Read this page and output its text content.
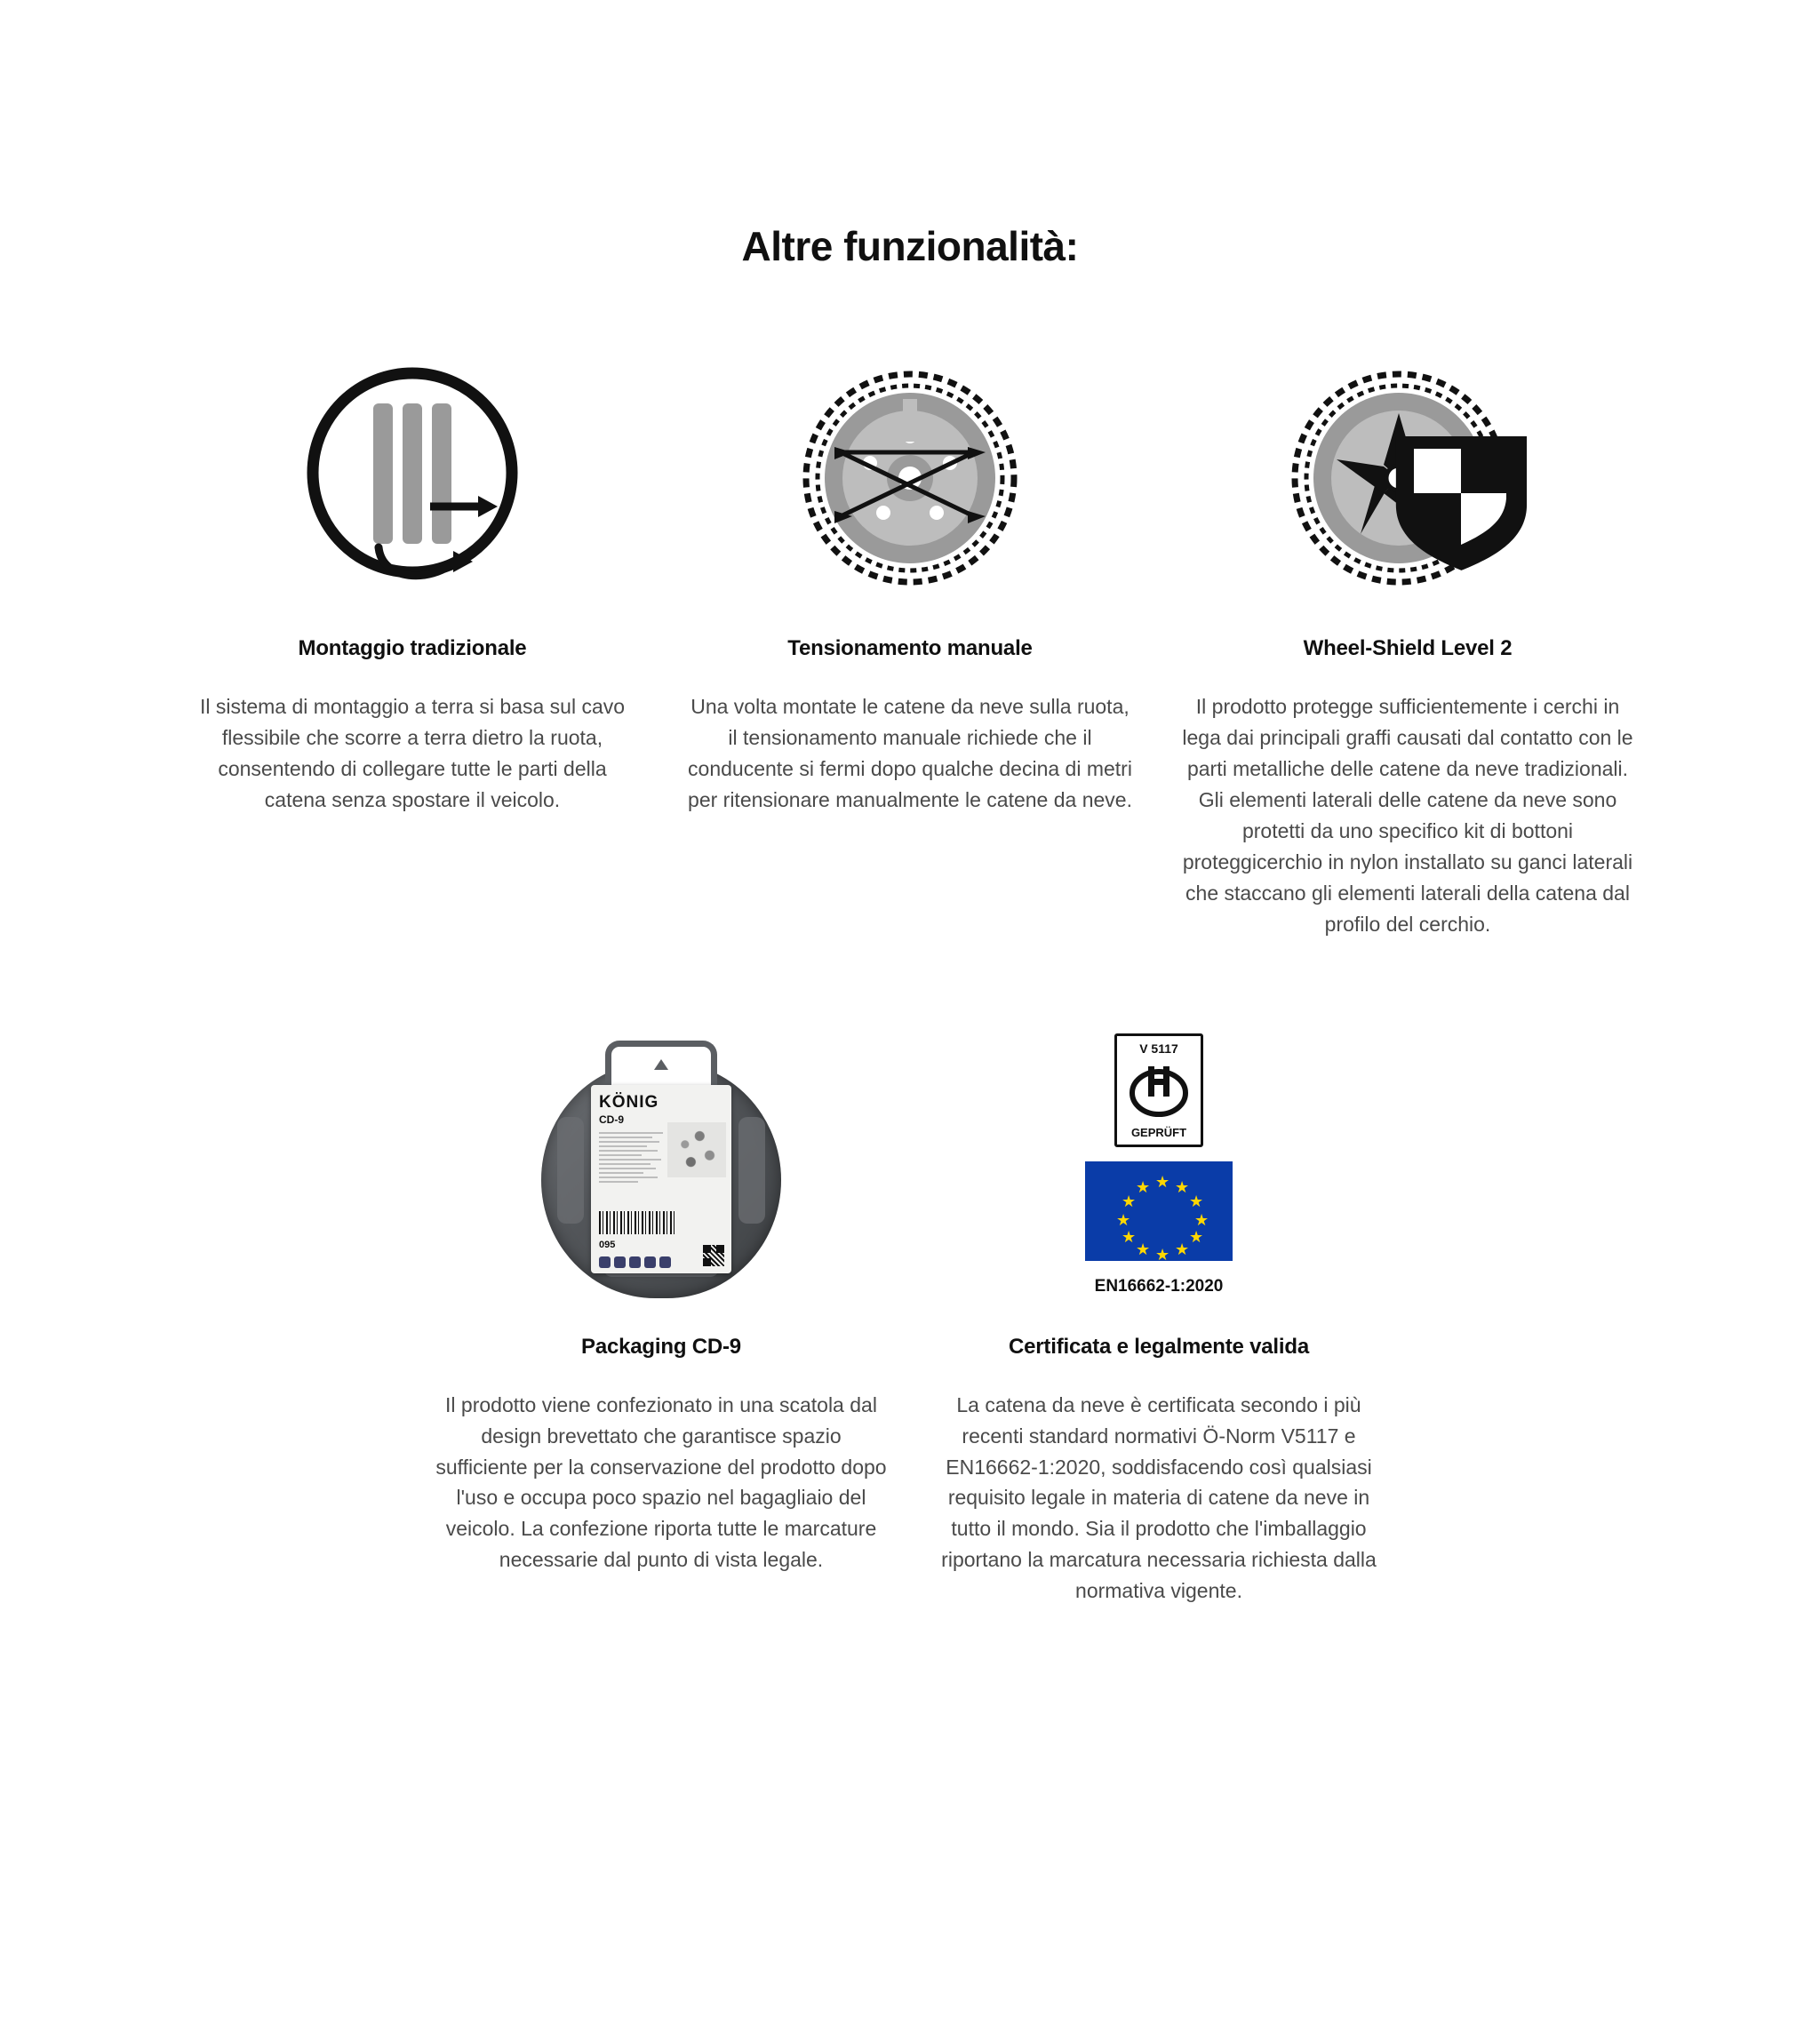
Altre funzionalità:
Montaggio tradizionale
Il sistema di montaggio a terra si basa sul cavo flessibile che scorre a terra dietro la ruota, consentendo di collegare tutte le parti della catena senza spostare il veicolo.
Tensionamento manuale
Una volta montate le catene da neve sulla ruota, il tensionamento manuale richiede che il conducente si fermi dopo qualche decina di metri per ritensionare manualmente le catene da neve.
Wheel-Shield Level 2
Il prodotto protegge sufficientemente i cerchi in lega dai principali graffi causati dal contatto con le parti metalliche delle catene da neve tradizionali. Gli elementi laterali delle catene da neve sono protetti da uno specifico kit di bottoni proteggicerchio in nylon installato su ganci laterali che staccano gli elementi laterali della catena dal profilo del cerchio.
KÖNIG
CD-9
095
Packaging CD-9
Il prodotto viene confezionato in una scatola dal design brevettato che garantisce spazio sufficiente per la conservazione del prodotto dopo l'uso e occupa poco spazio nel bagagliaio del veicolo. La confezione riporta tutte le marcature necessarie dal punto di vista legale.
V 5117
GEPRÜFT
★ ★
★
★
★
★
★
★
★
★
★
★
EN16662-1:2020
Certificata e legalmente valida
La catena da neve è certificata secondo i più recenti standard normativi Ö-Norm V5117 e EN16662-1:2020, soddisfacendo così qualsiasi requisito legale in materia di catene da neve in tutto il mondo. Sia il prodotto che l'imballaggio riportano la marcatura necessaria richiesta dalla normativa vigente.
